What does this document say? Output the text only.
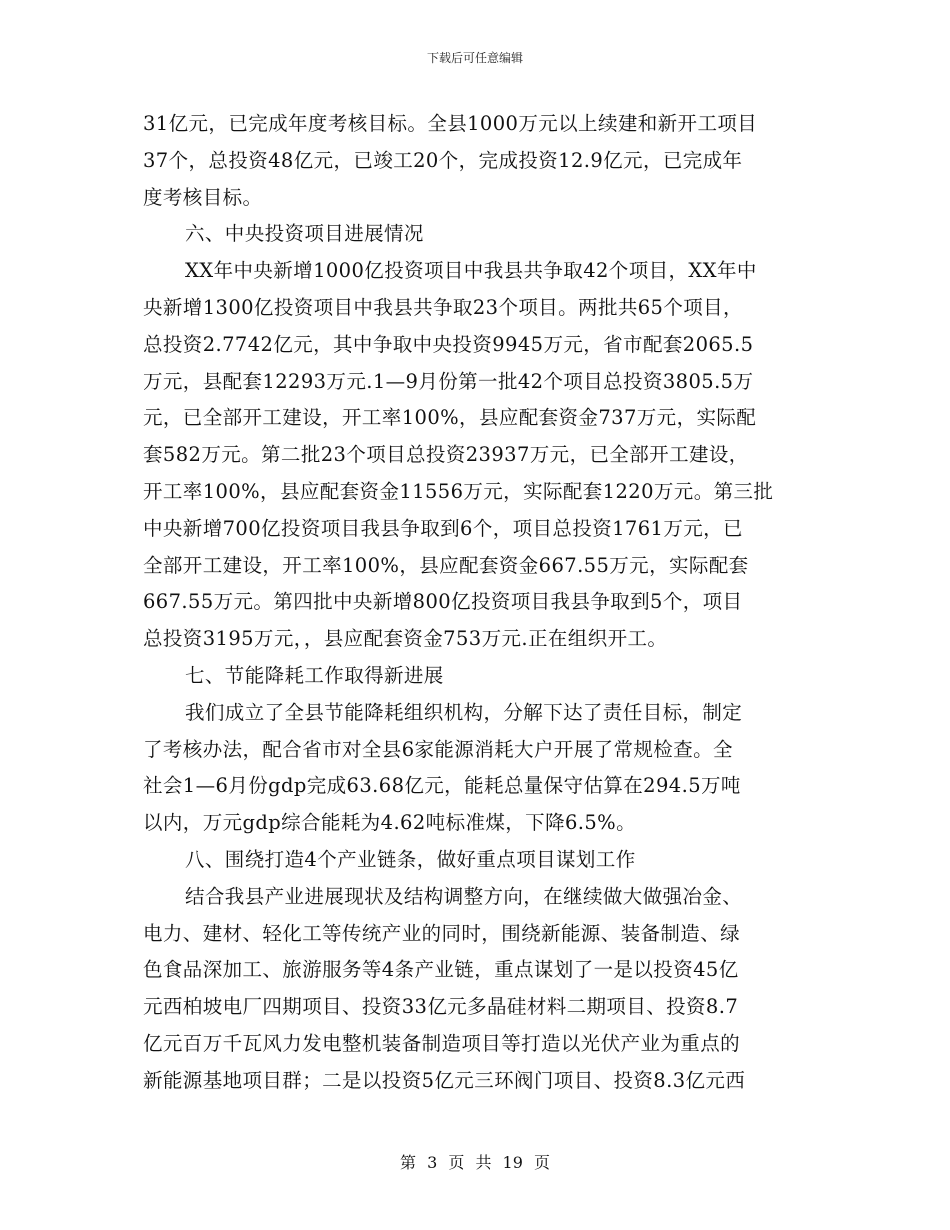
下载后可任意编辑
31亿元，已完成年度考核目标。全县1000万元以上续建和新开工项目
37个，总投资48亿元，已竣工20个，完成投资12.9亿元，已完成年
度考核目标。
六、中央投资项目进展情况
XX年中央新增1000亿投资项目中我县共争取42个项目，XX年中
央新增1300亿投资项目中我县共争取23个项目。两批共65个项目，
总投资2.7742亿元，其中争取中央投资9945万元，省市配套2065.5
万元，县配套12293万元.1—9月份第一批42个项目总投资3805.5万
元，已全部开工建设，开工率100%，县应配套资金737万元，实际配
套582万元。第二批23个项目总投资23937万元，已全部开工建设，
开工率100%，县应配套资金11556万元，实际配套1220万元。第三批
中央新增700亿投资项目我县争取到6个，项目总投资1761万元，已
全部开工建设，开工率100%，县应配套资金667.55万元，实际配套
667.55万元。第四批中央新增800亿投资项目我县争取到5个，项目
总投资3195万元，，县应配套资金753万元.正在组织开工。
七、节能降耗工作取得新进展
我们成立了全县节能降耗组织机构，分解下达了责任目标，制定
了考核办法，配合省市对全县6家能源消耗大户开展了常规检查。全
社会1—6月份gdp完成63.68亿元，能耗总量保守估算在294.5万吨
以内，万元gdp综合能耗为4.62吨标准煤，下降6.5%。
八、围绕打造4个产业链条，做好重点项目谋划工作
结合我县产业进展现状及结构调整方向，在继续做大做强冶金、
电力、建材、轻化工等传统产业的同时，围绕新能源、装备制造、绿
色食品深加工、旅游服务等4条产业链，重点谋划了一是以投资45亿
元西柏坡电厂四期项目、投资33亿元多晶硅材料二期项目、投资8.7
亿元百万千瓦风力发电整机装备制造项目等打造以光伏产业为重点的
新能源基地项目群；二是以投资5亿元三环阀门项目、投资8.3亿元西
第 3 页 共 19 页
